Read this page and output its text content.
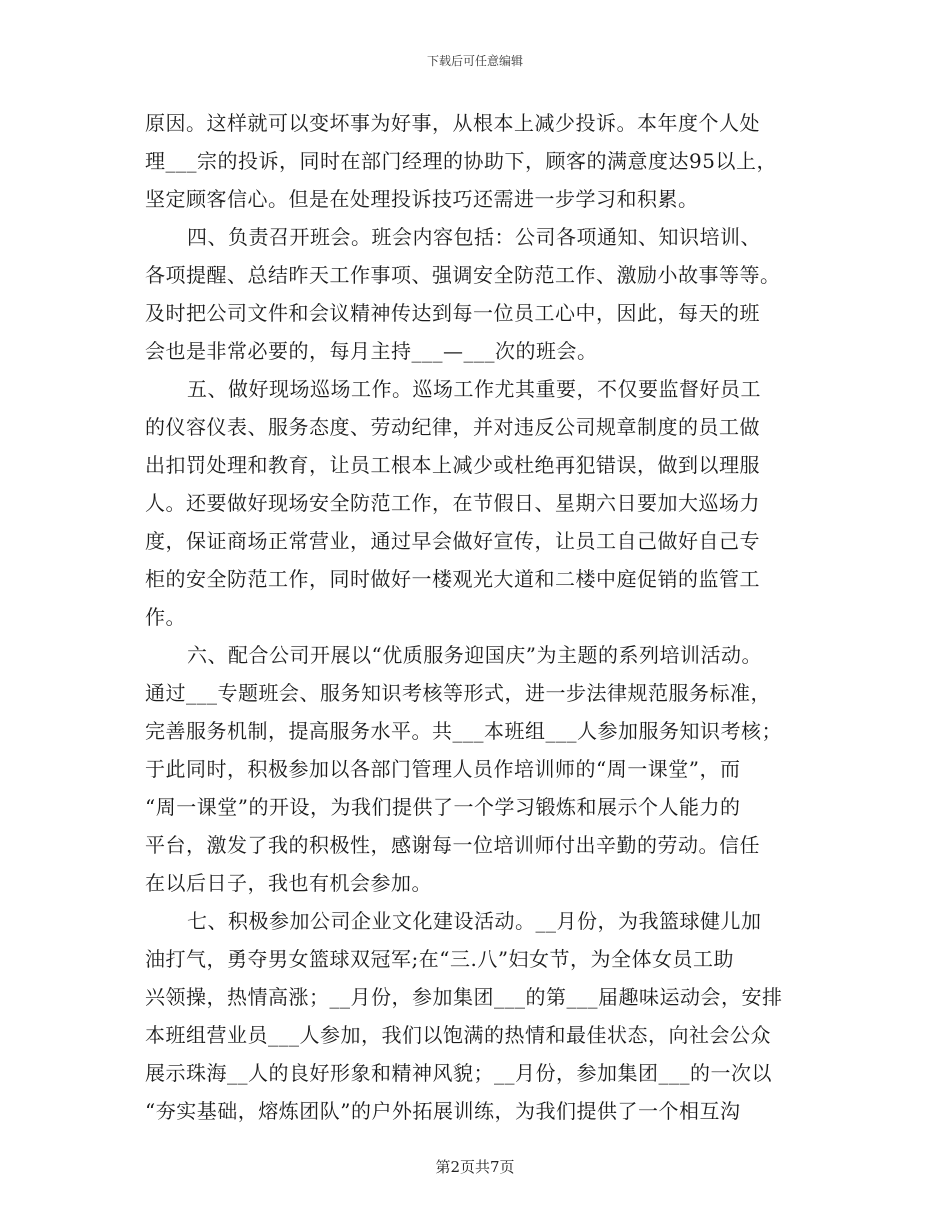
下载后可任意编辑
原因。这样就可以变坏事为好事，从根本上减少投诉。本年度个人处
理___宗的投诉，同时在部门经理的协助下，顾客的满意度达95以上，
坚定顾客信心。但是在处理投诉技巧还需进一步学习和积累。
四、负责召开班会。班会内容包括：公司各项通知、知识培训、
各项提醒、总结昨天工作事项、强调安全防范工作、激励小故事等等。
及时把公司文件和会议精神传达到每一位员工心中，因此，每天的班
会也是非常必要的，每月主持___—___次的班会。
五、做好现场巡场工作。巡场工作尤其重要，不仅要监督好员工
的仪容仪表、服务态度、劳动纪律，并对违反公司规章制度的员工做
出扣罚处理和教育，让员工根本上减少或杜绝再犯错误，做到以理服
人。还要做好现场安全防范工作，在节假日、星期六日要加大巡场力
度，保证商场正常营业，通过早会做好宣传，让员工自己做好自己专
柜的安全防范工作，同时做好一楼观光大道和二楼中庭促销的监管工
作。
六、配合公司开展以“优质服务迎国庆”为主题的系列培训活动。
通过___专题班会、服务知识考核等形式，进一步法律规范服务标准，
完善服务机制，提高服务水平。共___本班组___人参加服务知识考核；
于此同时，积极参加以各部门管理人员作培训师的“周一课堂”，而
“周一课堂”的开设，为我们提供了一个学习锻炼和展示个人能力的
平台，激发了我的积极性，感谢每一位培训师付出辛勤的劳动。信任
在以后日子，我也有机会参加。
七、积极参加公司企业文化建设活动。__月份，为我篮球健儿加
油打气，勇夺男女篮球双冠军;在“三.八”妇女节，为全体女员工助
兴领操，热情高涨；__月份，参加集团___的第___届趣味运动会，安排
本班组营业员___人参加，我们以饱满的热情和最佳状态，向社会公众
展示珠海__人的良好形象和精神风貌；__月份，参加集团___的一次以
“夯实基础，熔炼团队”的户外拓展训练，为我们提供了一个相互沟
第2页共7页
